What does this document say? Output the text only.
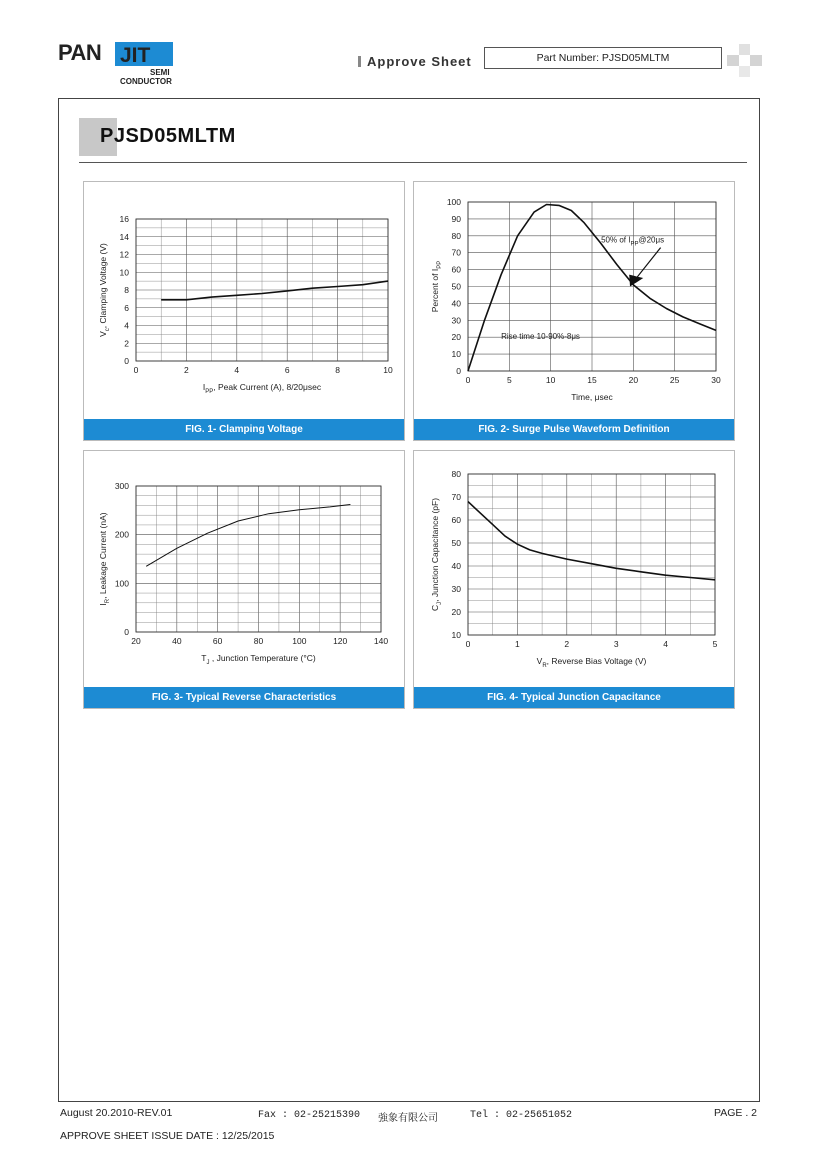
PAN JIT
SEMI
CONDUCTOR
Approve Sheet	Part Number: PJSD05MLTM
PJSD05MLTM
0	2	4	6	8	10
0
2
4
6
8
10
12
14
16
$I_{PP}$, Peak Current (A), 8/20μsec
$V_c$, Clamping Voltage (V)
FIG. 1- Clamping Voltage
0	5	10	15	20	25	30
0
10
20
30
40
50
60
70
80
90
100
Time, μsec
Percent of $I_{PP}$
50% of $I_{PP}@20\mu s$
Rise time 10-90%-8μs
FIG. 2- Surge Pulse Waveform Definition
20	40	60	80	100	120	140
0
100
200
300
$T_J$ , Junction Temperature (°C)
$I_R$, Leakage Current (nA)
FIG. 3- Typical Reverse Characteristics
0	1	2	3	4	5
10
20
30
40
50
60
70
80
$V_R$, Reverse Bias Voltage (V)
$C_J$, Junction Capacitance (pF)
FIG. 4- Typical Junction Capacitance
August 20.2010-REV.01	Fax : 02-25215390 強象有限公司	Tel : 02-25651052	PAGE . 2
APPROVE SHEET ISSUE DATE : 12/25/2015
